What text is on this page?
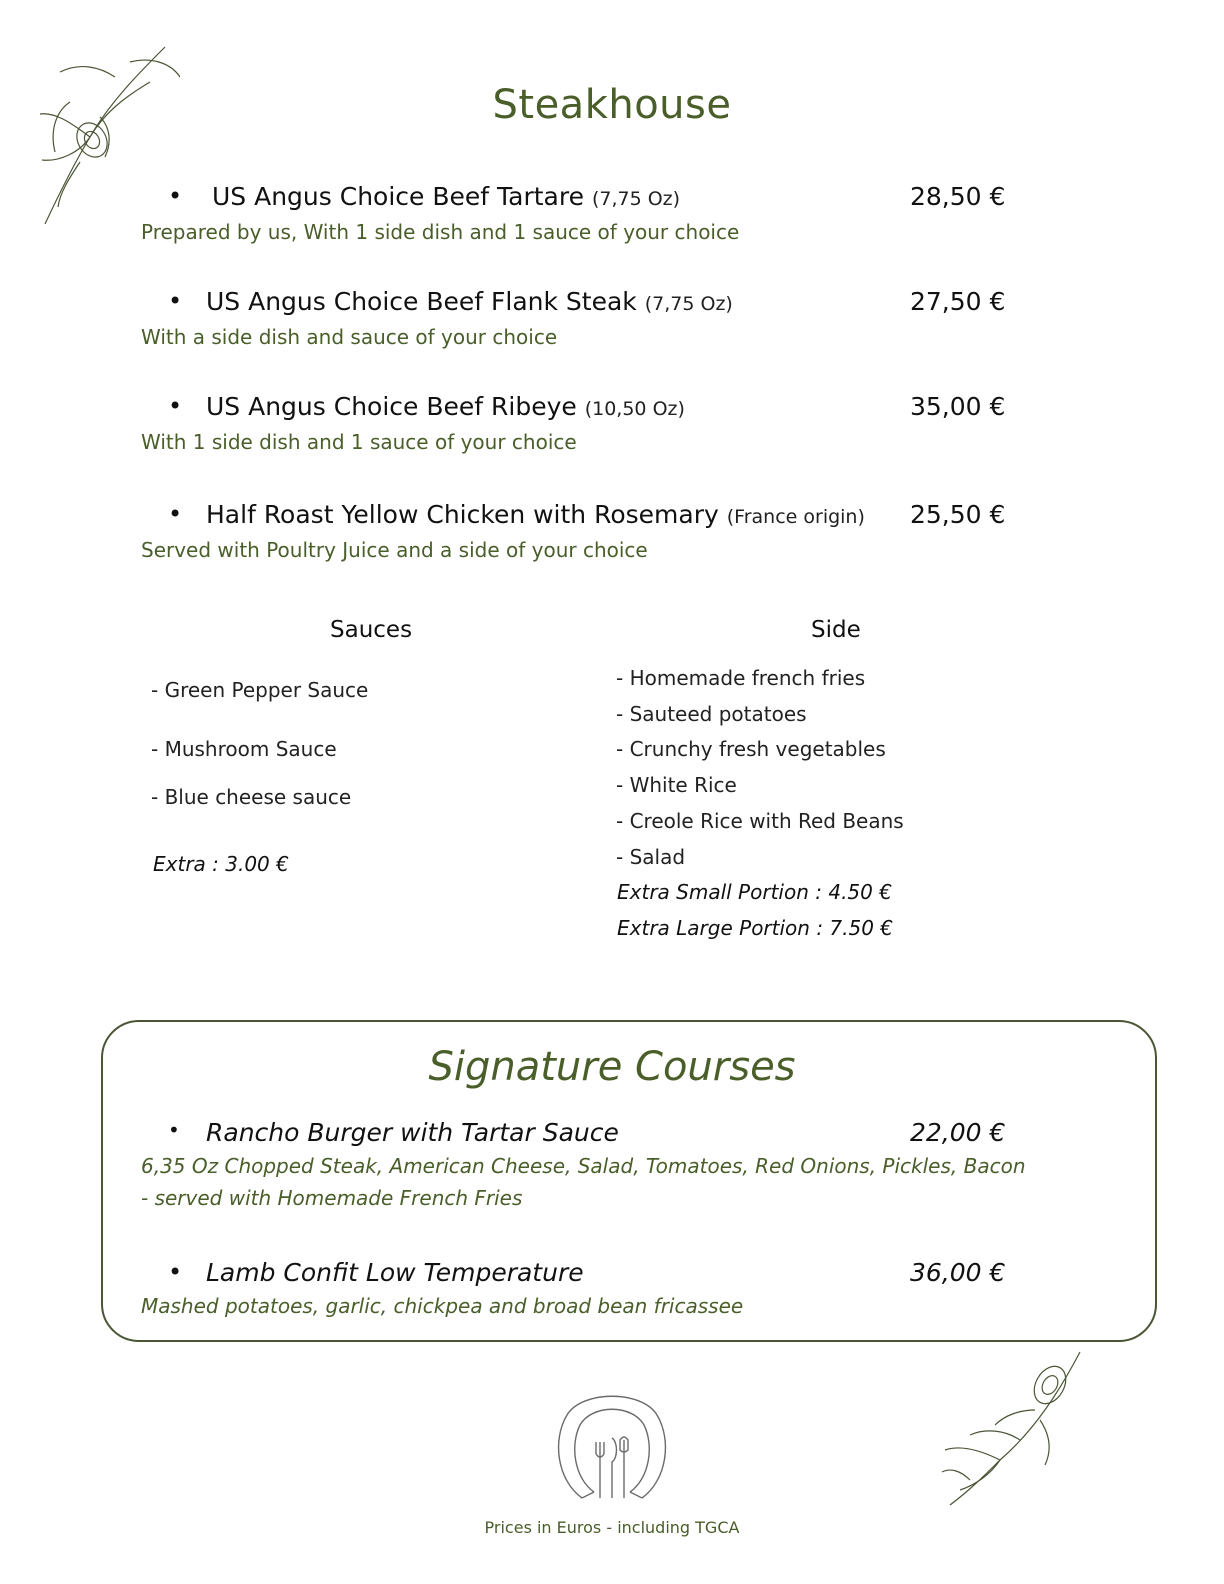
Steakhouse
• US Angus Choice Beef Tartare (7,75 Oz)	28,50 €
Prepared by us, With 1 side dish and 1 sauce of your choice
• US Angus Choice Beef Flank Steak (7,75 Oz)	27,50 €
With a side dish and sauce of your choice
• US Angus Choice Beef Ribeye (10,50 Oz)	35,00 €
With 1 side dish and 1 sauce of your choice
• Half Roast Yellow Chicken with Rosemary (France origin) 25,50 €
Served with Poultry Juice and a side of your choice
Sauces
- Green Pepper Sauce
- Mushroom Sauce
- Blue cheese sauce
Extra : 3.00 €
Side
- Homemade french fries
- Sauteed potatoes
- Crunchy fresh vegetables
- White Rice
- Creole Rice with Red Beans
- Salad
Extra Small Portion : 4.50 €
Extra Large Portion : 7.50 €
Signature Courses
• Rancho Burger with Tartar Sauce	22,00 €
6,35 Oz Chopped Steak, American Cheese, Salad, Tomatoes, Red Onions, Pickles, Bacon
- served with Homemade French Fries
• Lamb Confit Low Temperature	36,00 €
Mashed potatoes, garlic, chickpea and broad bean fricassee
Prices in Euros - including TGCA
